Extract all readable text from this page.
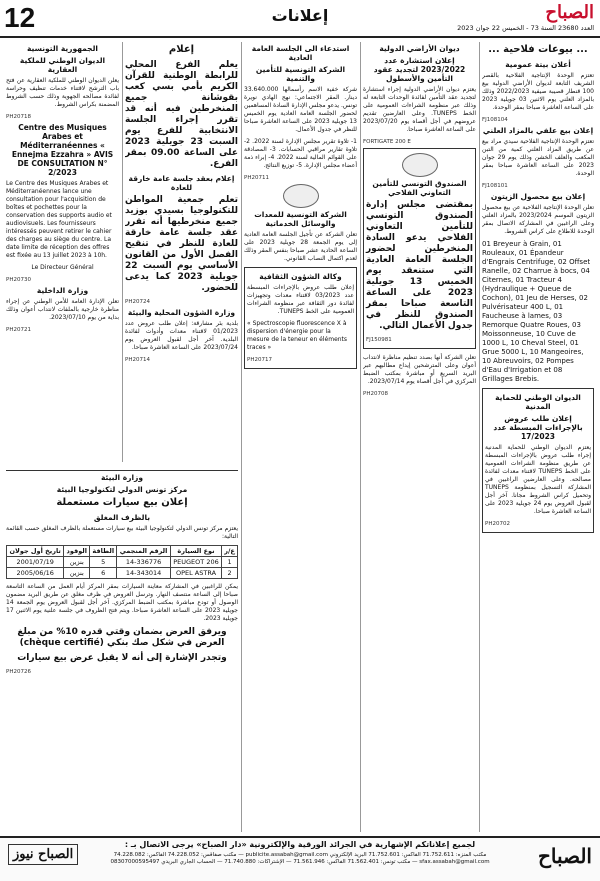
12	إعلانات	الصباح
العدد 23680 السنة 73 - الخميس 22 جوان 2023
... بيوعات فلاحية ...
أعلان بيتة عمومية

تعتزم الوحدة الإنتاجية الفلاحية بالقصر الشريف التابعة لديوان الأراضي الدولية بيع 100 قنطار قصيبة صيفية 2022/2023 وذلك بالمزاد العلني يوم الاثنين 03 جويلية 2023 على الساعة العاشرة صباحا بمقر الوحدة.

FJ108104
إعلان بيع علفي بالمزاد العلني

تعتزم الوحدة الإنتاجية الفلاحية سيدي مراد بيع عن طريق المزاد العلني كمية من التبن المكعب والعلف الخشن وذلك يوم 29 جوان 2023 على الساعة العاشرة صباحا بمقر الوحدة.

FJ108101
إعلان بيع محصول الزيتون

تعلن الوحدة الإنتاجية الفلاحية عن بيع محصول الزيتون الموسم 2023/2024 بالمزاد العلني وعلى الراغبين في المشاركة الاتصال بمقر الوحدة للاطلاع على كراس الشروط.

01 Breyeur à Grain, 01 Rouleaux, 01 Épandeur d'Engrais Centrifuge, 02 Offset Ranelle, 02 Charrue à bocs, 04 Citernes, 01 Tracteur 4 (Hydraulique + Queue de Cochon), 01 Jeu de Herses, 02 Pulvérisateur 400 L, 01 Faucheuse à lames, 03 Remorque Quatre Roues, 03 Moissonneuse, 10 Cuve de 1000 L, 10 Cheval Steel, 01 Grue 5000 L, 10 Mangeoires, 10 Abreuvoirs, 02 Pompes d'Eau d'Irrigation et 08 Grillages Brebis.

الديوان الوطني للحماية المدنية
إعلان طلب عروض بالإجراءات المبسطة عدد 17/2023

يعتزم الديوان الوطني للحماية المدنية إجراء طلب عروض بالإجراءات المبسطة عن طريق منظومة الشراءات العمومية على الخط TUNEPS لاقتناء معدات لفائدة مصالحه. وعلى العارضين الراغبين في المشاركة التسجيل بمنظومة TUNEPS وتحميل كراس الشروط مجانا. آخر أجل لقبول العروض يوم 24 جويلية 2023 على الساعة العاشرة صباحا.

PH20702
ديوان الأراضي الدولية
إعلان استشارة عدد 2023/2022 لتجديد عقود التأمين والأسطول

يعتزم ديوان الأراضي الدولية إجراء استشارة لتجديد عقد التأمين لفائدة الوحدات التابعة له وذلك عبر منظومة الشراءات العمومية على الخط TUNEPS. وعلى العارضين تقديم عروضهم في أجل أقصاه يوم 2023/07/20 على الساعة العاشرة صباحا.

FORTIGATE 200 E
الصندوق التونسي للتأمين التعاوني الفلاحي

بمقتضى مجلس إدارة الصندوق التونسي للتأمين التعاوني الفلاحي يدعو السادة المنخرطين لحضور الجلسة العامة العادية التي ستنعقد يوم الخميس 13 جويلية 2023 على الساعة التاسعة صباحا بمقر الصندوق للنظر في جدول الأعمال التالي.

FJ150981

تعلن الشركة أنها بصدد تنظيم مناظرة لانتداب أعوان وعلى المترشحين إيداع مطالبهم عبر البريد السريع أو مباشرة بمكتب الضبط المركزي في أجل أقصاه يوم 2023/07/14.

PH20708
استدعاء الى الجلسة العامة العادية
الشركة التونسية للتأمين والتنمية

شركة خفية الاسم رأسمالها 33.640.000 دينار. المقر الاجتماعي: نهج الهادي نويرة تونس. يدعو مجلس الإدارة السادة المساهمين لحضور الجلسة العامة العادية يوم الخميس 13 جويلية 2023 على الساعة العاشرة صباحا للنظر في جدول الأعمال.

1- تلاوة تقرير مجلس الإدارة لسنة 2022. 2- تلاوة تقارير مراقبي الحسابات. 3- المصادقة على القوائم المالية لسنة 2022. 4- إبراء ذمة أعضاء مجلس الإدارة. 5- توزيع النتائج.

PH20711
الشركة التونسية للمعدات والوسائل الخدماتية

تعلن الشركة عن تأجيل الجلسة العامة العادية إلى يوم الجمعة 28 جويلية 2023 على الساعة الحادية عشر صباحا بنفس المقر وذلك لعدم اكتمال النصاب القانوني.

وكالة الشؤون الثقافية

إعلان طلب عروض بالإجراءات المبسطة عدد 03/2023 لاقتناء معدات وتجهيزات لفائدة دور الثقافة عبر منظومة الشراءات العمومية على الخط TUNEPS.

« Spectroscopie fluorescence X à dispersion d'énergie pour la mesure de la teneur en éléments traces »

PH20717
إعلام

يعلم الفرع المحلي للرابطة الوطنية للقرآن الكريم بأمي بسي كعب بقوشانة جميع المنخرطين فيه أنه قد تقرر إجراء الجلسة الانتخابية للفرع يوم السبت 23 جويلية 2023 على الساعة 09.00 بمقر الفرع.

إعلام بعقد جلسة عامة خارقة للعادة

تعلم جمعية المواطن للتكنولوجيا بسيدي بوزيد جميع منخرطيها أنه تقرر عقد جلسة عامة خارقة للعادة للنظر في تنقيح الفصل الأول من القانون الأساسي يوم السبت 22 جويلية 2023 كما يدعى للحضور.

PH20724
وزارة الشؤون المحلية والبيئة

بلدية بئر مشارقة: إعلان طلب عروض عدد 01/2023 لاقتناء معدات وأدوات لفائدة البلدية. آخر أجل لقبول العروض يوم 2023/07/24 على الساعة العاشرة صباحا.

PH20714
الجمهورية التونسية
الديوان الوطني للملكية العقارية

يعلن الديوان الوطني للملكية العقارية عن فتح باب الترشح لاقتناء خدمات تنظيف وحراسة لفائدة مصالحه الجهوية وذلك حسب الشروط المضمنة بكراس الشروط.

PH20718
Centre des Musiques Arabes et Méditerranéennes « Ennejma Ezzahra » AVIS DE CONSULTATION N° 2/2023

Le Centre des Musiques Arabes et Méditerranéennes lance une consultation pour l'acquisition de boîtes et pochettes pour la conservation des supports audio et audiovisuels. Les fournisseurs intéressés peuvent retirer le cahier des charges au siège du centre. La date limite de réception des offres est fixée au 13 juillet 2023 à 10h.

Le Directeur Général

PH20730
وزارة الداخلية

تعلن الإدارة العامة للأمن الوطني عن إجراء مناظرة خارجية بالملفات لانتداب أعوان وذلك بداية من يوم 2023/07/10.

PH20721
وزارة البيئة
مركز تونس الدولي لتكنولوجيا البيئة
إعلان بيع سيارات مستعملة
بالظرف المغلق

يعتزم مركز تونس الدولي لتكنولوجيا البيئة بيع سيارات مستعملة بالظرف المغلق حسب القائمة التالية:

ع/ر	نوع السيارة	الرقم المنجمي	الطاقة	الوقود	تاريخ أول جولان
1	PEUGEOT 206	14-336776	5	بنزين	2001/07/19
2	OPEL ASTRA	14-343014	6	بنزين	2005/06/16

يمكن للراغبين في المشاركة معاينة السيارات بمقر المركز أيام العمل من الساعة التاسعة صباحا إلى الساعة منتصف النهار. وترسل العروض في ظرف مغلق عن طريق البريد مضمون الوصول أو تودع مباشرة بمكتب الضبط المركزي. آخر أجل لقبول العروض يوم الجمعة 14 جويلية 2023 على الساعة العاشرة صباحا. ويتم فتح الظروف في جلسة علنية يوم الاثنين 17 جويلية 2023.

ويرفق العرض بضمان وقتي قدره 10% من مبلغ العرض في شكل صك بنكي (chèque certifié)

وتجدر الإشارة إلى أنه لا يقبل عرض بيع سيارات

PH20726
لجميع إعلاناتكم الإشهارية في الجرائد الورقية والإلكترونية «دار الصباح» يرجى الاتصال بـ :	الصباح
الصباح نيوز	مكتب المنزه: 71.752.611 الفاكس: 71.752.601 البريد الإلكتروني publicite.assabah@gmail.com — مكتب صفاقس: 74.228.052 الفاكس: 74.228.082 sfax.assabah@gmail.com — مكتب تونس: 71.562.401 الفاكس: 71.561.946 — الإشتراكات: 71.740.880 — الحساب الجاري البريدي 08307000595497
